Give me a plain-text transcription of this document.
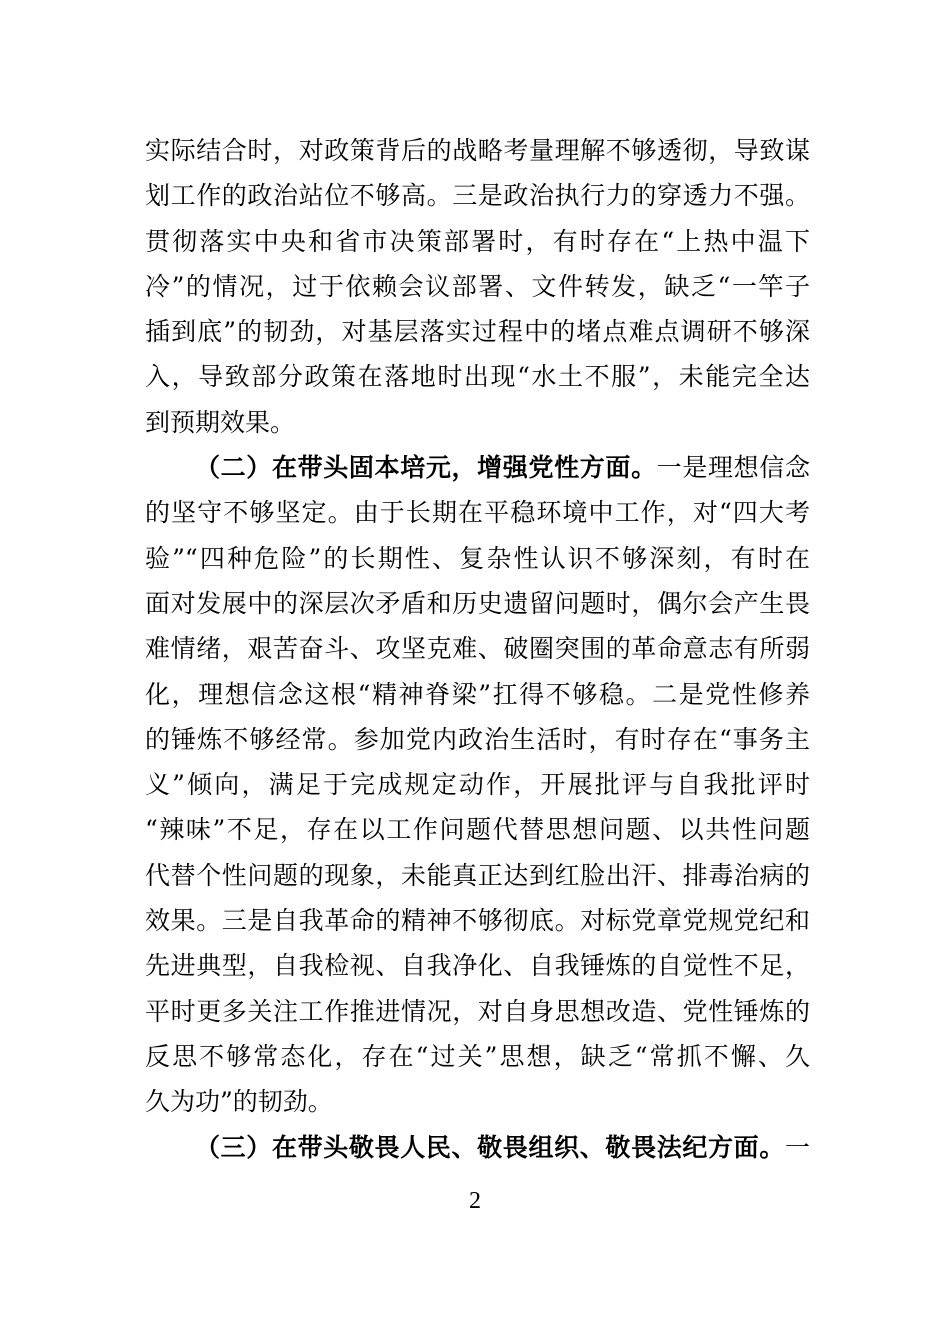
实际结合时，对政策背后的战略考量理解不够透彻，导致谋
划工作的政治站位不够高。三是政治执行力的穿透力不强。
贯彻落实中央和省市决策部署时，有时存在“上热中温下
冷”的情况，过于依赖会议部署、文件转发，缺乏“一竿子
插到底”的韧劲，对基层落实过程中的堵点难点调研不够深
入，导致部分政策在落地时出现“水土不服”，未能完全达
到预期效果。
（二）在带头固本培元，增强党性方面。一是理想信念
的坚守不够坚定。由于长期在平稳环境中工作，对“四大考
验”“四种危险”的长期性、复杂性认识不够深刻，有时在
面对发展中的深层次矛盾和历史遗留问题时，偶尔会产生畏
难情绪，艰苦奋斗、攻坚克难、破圈突围的革命意志有所弱
化，理想信念这根“精神脊梁”扛得不够稳。二是党性修养
的锤炼不够经常。参加党内政治生活时，有时存在“事务主
义”倾向，满足于完成规定动作，开展批评与自我批评时
“辣味”不足，存在以工作问题代替思想问题、以共性问题
代替个性问题的现象，未能真正达到红脸出汗、排毒治病的
效果。三是自我革命的精神不够彻底。对标党章党规党纪和
先进典型，自我检视、自我净化、自我锤炼的自觉性不足，
平时更多关注工作推进情况，对自身思想改造、党性锤炼的
反思不够常态化，存在“过关”思想，缺乏“常抓不懈、久
久为功”的韧劲。
（三）在带头敬畏人民、敬畏组织、敬畏法纪方面。一
2
